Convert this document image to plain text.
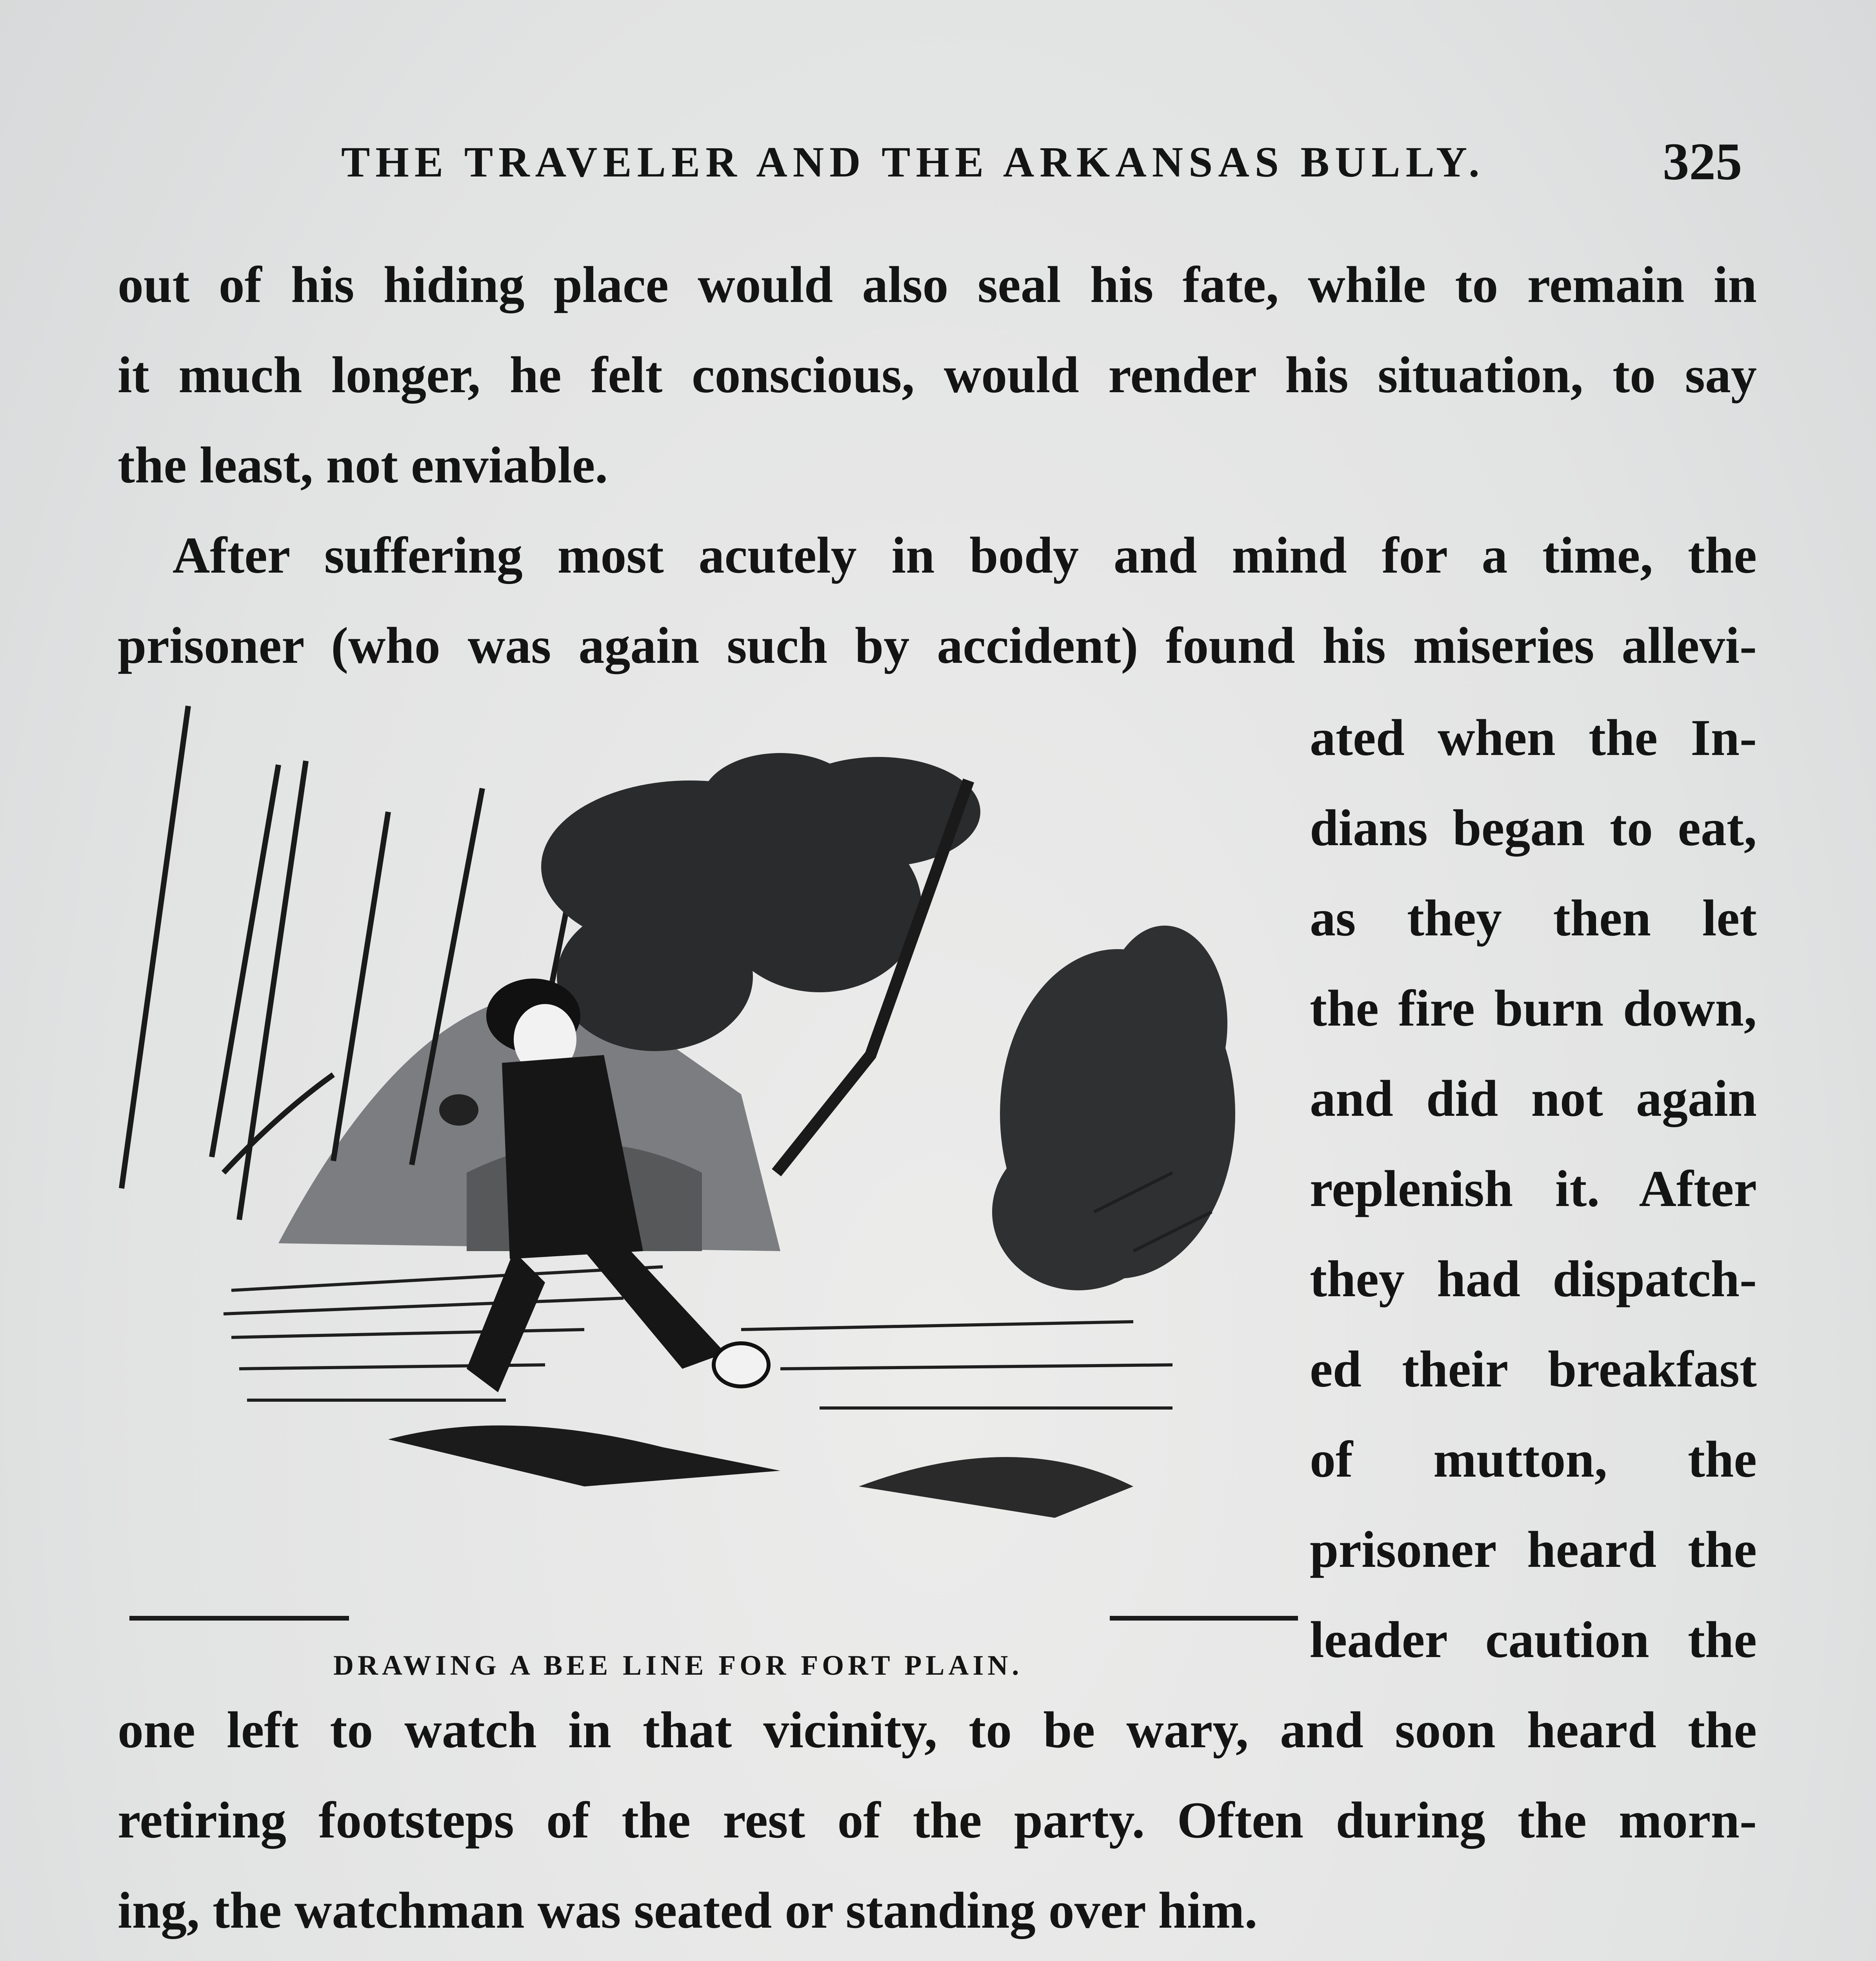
THE TRAVELER AND THE ARKANSAS BULLY.	325
out of his hiding place would also seal his fate, while to remain in
it much longer, he felt conscious, would render his situation, to say
the least, not enviable.
After suffering most acutely in body and mind for a time, the
prisoner (who was again such by accident) found his miseries allevi-
ated when the In-
dians began to eat,
as they then let
the fire burn down,
and did not again
replenish it. After
they had dispatch-
ed their breakfast
of mutton, the
prisoner heard the
leader caution the
DRAWING A BEE LINE FOR FORT PLAIN.
one left to watch in that vicinity, to be wary, and soon heard the
retiring footsteps of the rest of the party. Often during the morn-
ing, the watchman was seated or standing over him.
